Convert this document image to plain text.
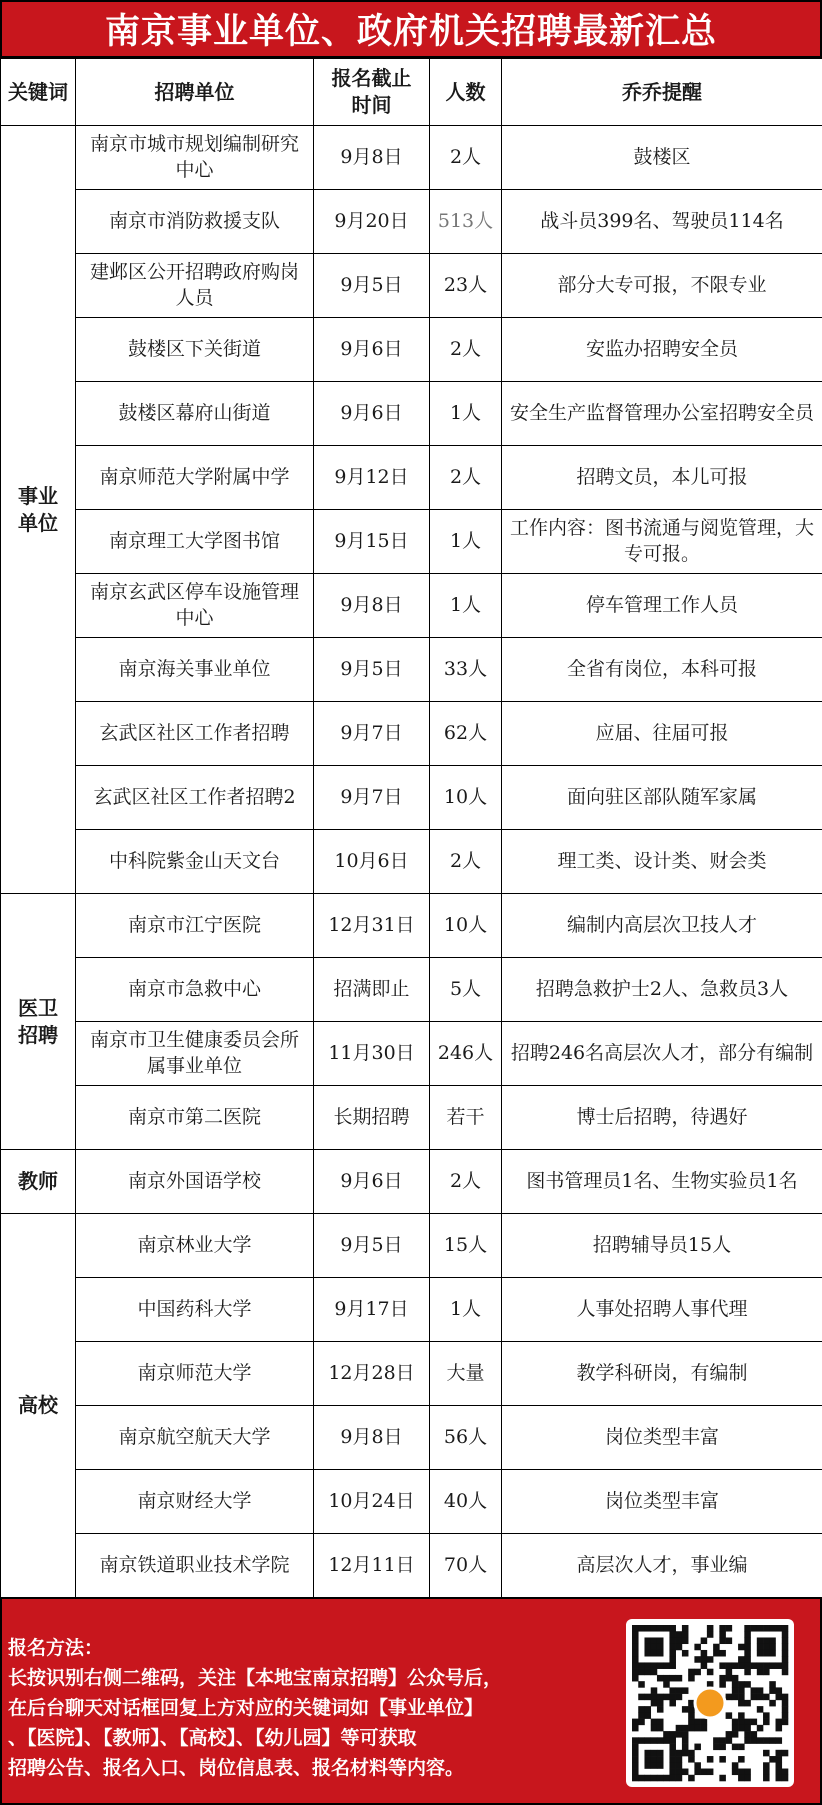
南京事业单位、政府机关招聘最新汇总
关键词	招聘单位	报名截止时间	人数	乔乔提醒
事业
单位	南京市城市规划编制研究中心	9月8日	2人	鼓楼区
	南京市消防救援支队	9月20日	513人	战斗员399名、驾驶员114名
	建邺区公开招聘政府购岗人员	9月5日	23人	部分大专可报，不限专业
	鼓楼区下关街道	9月6日	2人	安监办招聘安全员
	鼓楼区幕府山街道	9月6日	1人	安全生产监督管理办公室招聘安全员
	南京师范大学附属中学	9月12日	2人	招聘文员，本儿可报
	南京理工大学图书馆	9月15日	1人	工作内容：图书流通与阅览管理，大专可报。
	南京玄武区停车设施管理中心	9月8日	1人	停车管理工作人员
	南京海关事业单位	9月5日	33人	全省有岗位，本科可报
	玄武区社区工作者招聘	9月7日	62人	应届、往届可报
	玄武区社区工作者招聘2	9月7日	10人	面向驻区部队随军家属
	中科院紫金山天文台	10月6日	2人	理工类、设计类、财会类
医卫
招聘	南京市江宁医院	12月31日	10人	编制内高层次卫技人才
	南京市急救中心	招满即止	5人	招聘急救护士2人、急救员3人
	南京市卫生健康委员会所属事业单位	11月30日	246人	招聘246名高层次人才，部分有编制
	南京市第二医院	长期招聘	若干	博士后招聘，待遇好
教师	南京外国语学校	9月6日	2人	图书管理员1名、生物实验员1名
高校	南京林业大学	9月5日	15人	招聘辅导员15人
	中国药科大学	9月17日	1人	人事处招聘人事代理
	南京师范大学	12月28日	大量	教学科研岗，有编制
	南京航空航天大学	9月8日	56人	岗位类型丰富
	南京财经大学	10月24日	40人	岗位类型丰富
	南京铁道职业技术学院	12月11日	70人	高层次人才，事业编
报名方法：
长按识别右侧二维码，关注【本地宝南京招聘】公众号后，
在后台聊天对话框回复上方对应的关键词如【事业单位】
、【医院】、【教师】、【高校】、【幼儿园】等可获取
招聘公告、报名入口、岗位信息表、报名材料等内容。
